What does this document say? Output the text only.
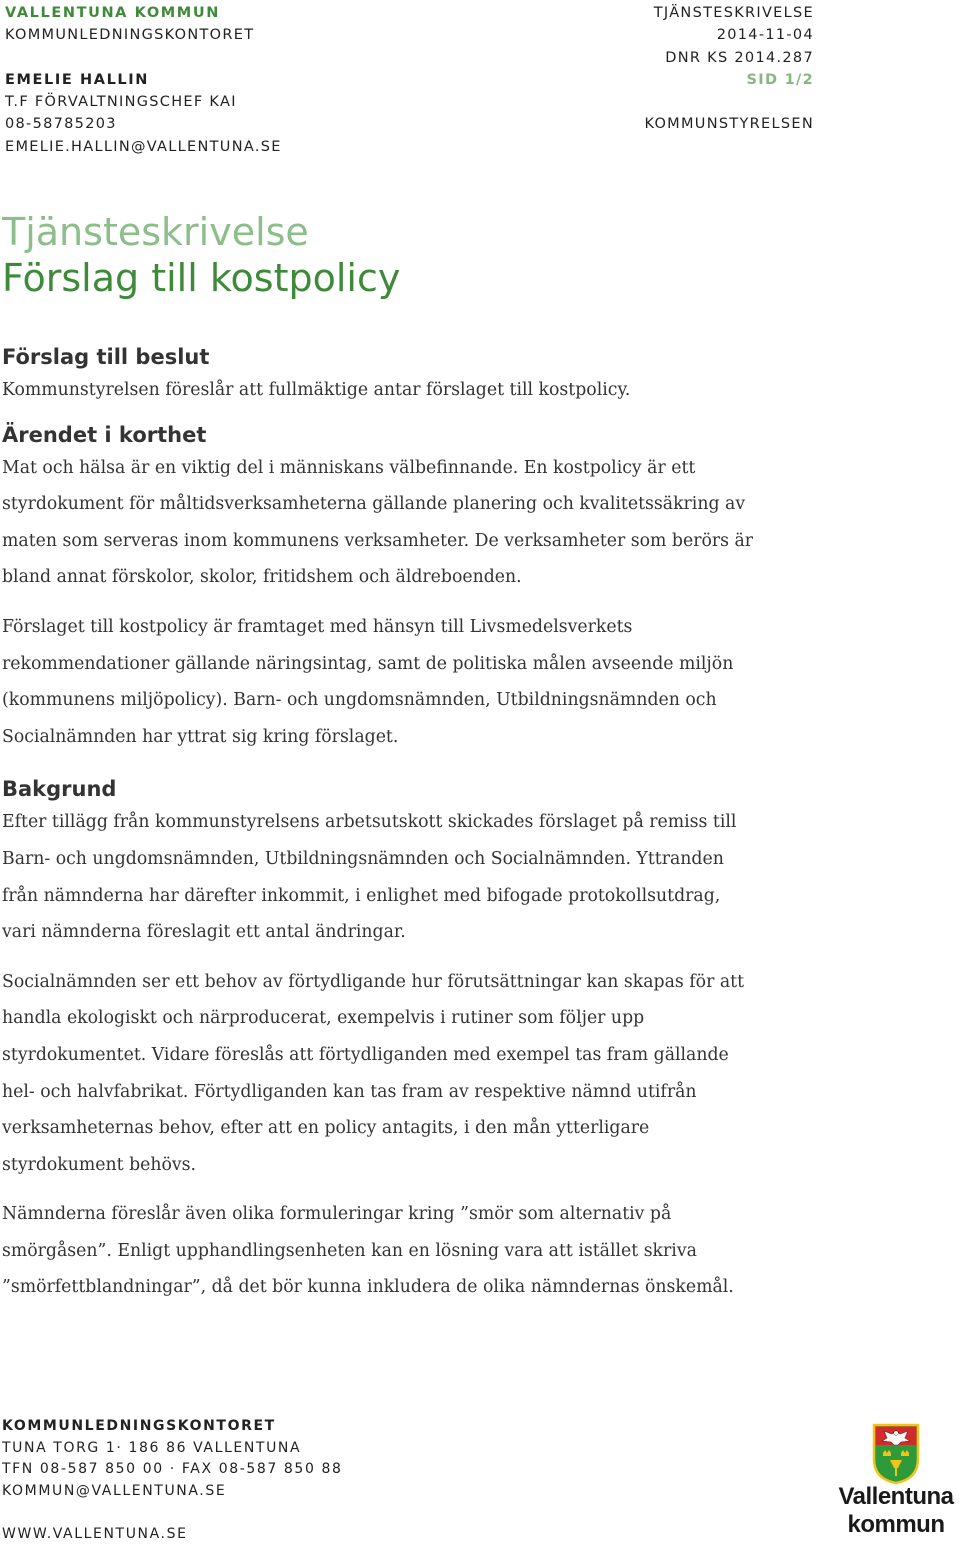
VALLENTUNA KOMMUN
KOMMUNLEDNINGSKONTORET
EMELIE HALLIN
T.F FÖRVALTNINGSCHEF KAI
08-58785203
EMELIE.HALLIN@VALLENTUNA.SE
TJÄNSTESKRIVELSE
2014-11-04
DNR KS 2014.287
SID 1/2
KOMMUNSTYRELSEN
Tjänsteskrivelse
Förslag till kostpolicy
Förslag till beslut

Kommunstyrelsen föreslår att fullmäktige antar förslaget till kostpolicy.

Ärendet i korthet

Mat och hälsa är en viktig del i människans välbefinnande. En kostpolicy är ett

styrdokument för måltidsverksamheterna gällande planering och kvalitetssäkring av

maten som serveras inom kommunens verksamheter. De verksamheter som berörs är

bland annat förskolor, skolor, fritidshem och äldreboenden.

Förslaget till kostpolicy är framtaget med hänsyn till Livsmedelsverkets

rekommendationer gällande näringsintag, samt de politiska målen avseende miljön

(kommunens miljöpolicy). Barn- och ungdomsnämnden, Utbildningsnämnden och

Socialnämnden har yttrat sig kring förslaget.

Bakgrund

Efter tillägg från kommunstyrelsens arbetsutskott skickades förslaget på remiss till

Barn- och ungdomsnämnden, Utbildningsnämnden och Socialnämnden. Yttranden

från nämnderna har därefter inkommit, i enlighet med bifogade protokollsutdrag,

vari nämnderna föreslagit ett antal ändringar.

Socialnämnden ser ett behov av förtydligande hur förutsättningar kan skapas för att

handla ekologiskt och närproducerat, exempelvis i rutiner som följer upp

styrdokumentet. Vidare föreslås att förtydliganden med exempel tas fram gällande

hel- och halvfabrikat. Förtydliganden kan tas fram av respektive nämnd utifrån

verksamheternas behov, efter att en policy antagits, i den mån ytterligare

styrdokument behövs.

Nämnderna föreslår även olika formuleringar kring ”smör som alternativ på

smörgåsen”. Enligt upphandlingsenheten kan en lösning vara att istället skriva

”smörfettblandningar”, då det bör kunna inkludera de olika nämndernas önskemål.

KOMMUNLEDNINGSKONTORET
TUNA TORG 1· 186 86 VALLENTUNA
TFN 08-587 850 00 · FAX 08-587 850 88
KOMMUN@VALLENTUNA.SE
WWW.VALLENTUNA.SE
Vallentuna
kommun
